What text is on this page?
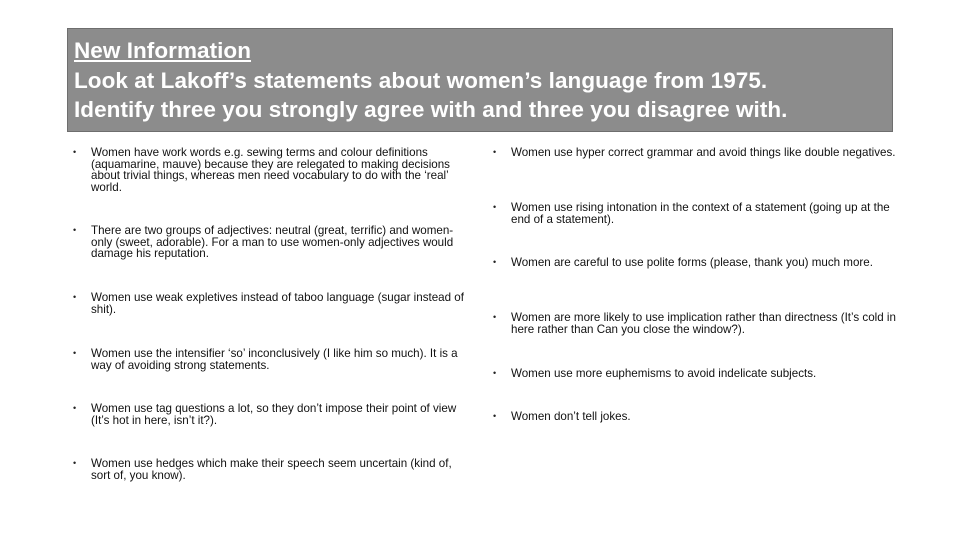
New Information
Look at Lakoff’s statements about women’s language from 1975.
Identify three you strongly agree with and three you disagree with.
•	Women have work words e.g. sewing terms and colour definitions (aquamarine, mauve) because they are relegated to making decisions about trivial things, whereas men need vocabulary to do with the ‘real’ world.
•	There are two groups of adjectives: neutral (great, terrific) and women-only (sweet, adorable). For a man to use women-only adjectives would damage his reputation.
•	Women use weak expletives instead of taboo language (sugar instead of shit).
•	Women use the intensifier ‘so’ inconclusively (I like him so much). It is a way of avoiding strong statements.
•	Women use tag questions a lot, so they don’t impose their point of view (It’s hot in here, isn’t it?).
•	Women use hedges which make their speech seem uncertain (kind of, sort of, you know).
•	Women use hyper correct grammar and avoid things like double negatives.
•	Women use rising intonation in the context of a statement (going up at the end of a statement).
•	Women are careful to use polite forms (please, thank you) much more.
•	Women are more likely to use implication rather than directness (It’s cold in here rather than Can you close the window?).
•	Women use more euphemisms to avoid indelicate subjects.
•	Women don’t tell jokes.
